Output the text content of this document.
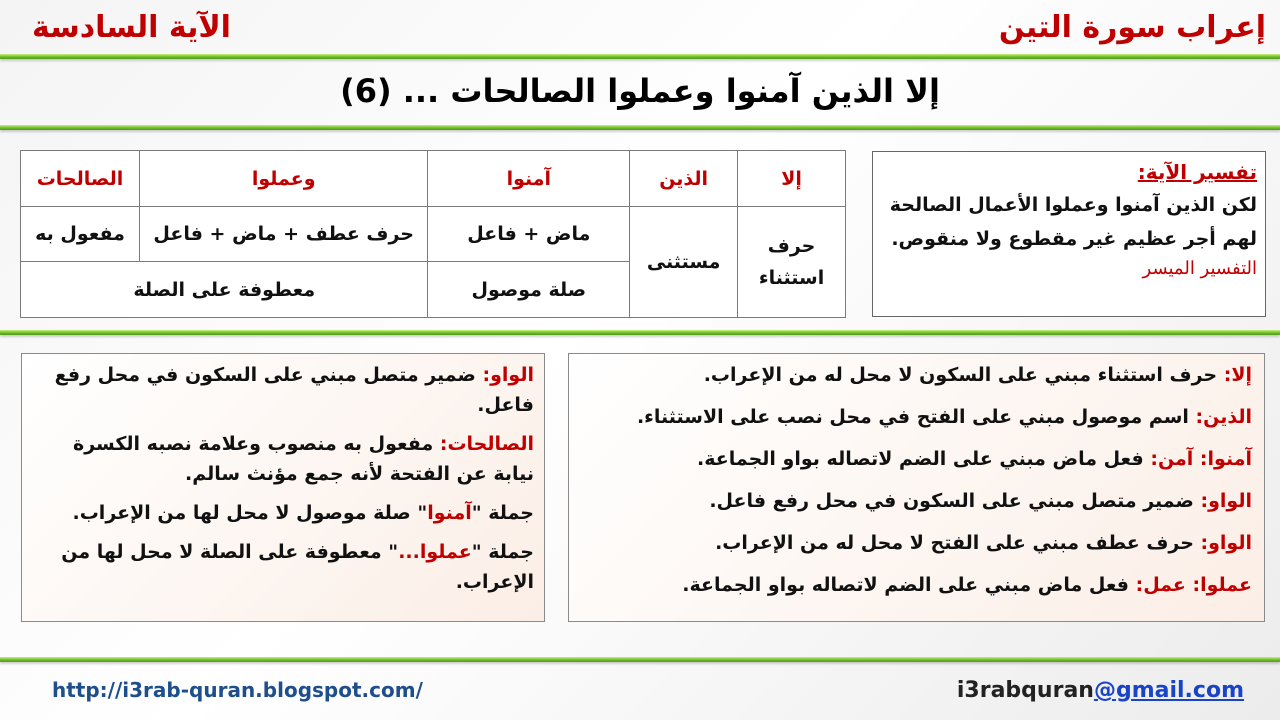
إعراب سورة التين
الآية السادسة
إلا الذين آمنوا وعملوا الصالحات ... (6)
تفسير الآية:
لكن الذين آمنوا وعملوا الأعمال الصالحة
لهم أجر عظيم غير مقطوع ولا منقوص.
التفسير الميسر
إلا	الذين	آمنوا	وعملوا	الصالحات

حرف
استثناء	مستثنى	ماض + فاعل	حرف عطف + ماض + فاعل	مفعول به
		صلة موصول	معطوفة على الصلة	
إلا: حرف استثناء مبني على السكون لا محل له من الإعراب.
الذين: اسم موصول مبني على الفتح في محل نصب على الاستثناء.
آمنوا: آمن: فعل ماض مبني على الضم لاتصاله بواو الجماعة.
الواو: ضمير متصل مبني على السكون في محل رفع فاعل.
الواو: حرف عطف مبني على الفتح لا محل له من الإعراب.
عملوا: عمل: فعل ماض مبني على الضم لاتصاله بواو الجماعة.
الواو: ضمير متصل مبني على السكون في محل رفع فاعل.
الصالحات: مفعول به منصوب وعلامة نصبه الكسرة نيابة عن الفتحة لأنه جمع مؤنث سالم.
جملة "آمنوا" صلة موصول لا محل لها من الإعراب.
جملة "عملوا..." معطوفة على الصلة لا محل لها من الإعراب.
http://i3rab-quran.blogspot.com/	i3rabquran@gmail.com
